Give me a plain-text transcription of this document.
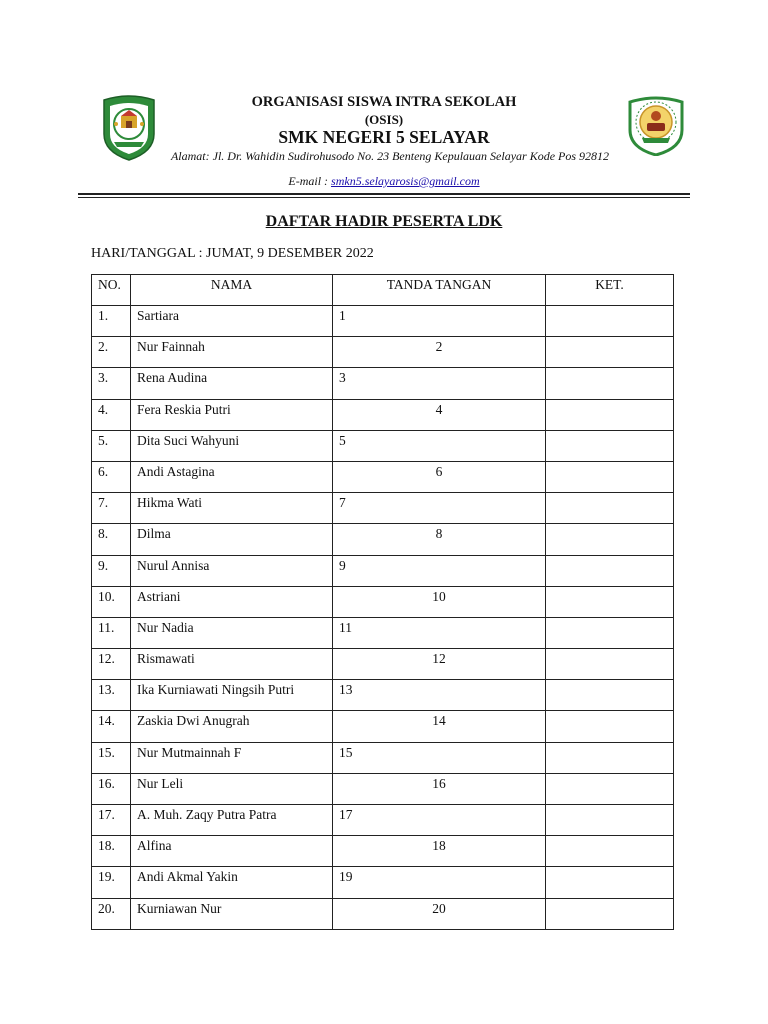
ORGANISASI SISWA INTRA SEKOLAH
(OSIS)
SMK NEGERI 5 SELAYAR
Alamat: Jl. Dr. Wahidin Sudirohusodo No. 23 Benteng Kepulauan Selayar Kode Pos 92812
E-mail : smkn5.selayarosis@gmail.com
DAFTAR HADIR PESERTA LDK
HARI/TANGGAL : JUMAT, 9 DESEMBER 2022
NO.	NAMA	TANDA TANGAN	KET.
1.	Sartiara	1	
2.	Nur Fainnah	2	
3.	Rena Audina	3	
4.	Fera Reskia Putri	4	
5.	Dita Suci Wahyuni	5	
6.	Andi Astagina	6	
7.	Hikma Wati	7	
8.	Dilma	8	
9.	Nurul Annisa	9	
10.	Astriani	10	
11.	Nur Nadia	11	
12.	Rismawati	12	
13.	Ika Kurniawati Ningsih Putri	13	
14.	Zaskia Dwi Anugrah	14	
15.	Nur Mutmainnah F	15	
16.	Nur Leli	16	
17.	A. Muh. Zaqy Putra Patra	17	
18.	Alfina	18	
19.	Andi Akmal Yakin	19	
20.	Kurniawan Nur	20	
